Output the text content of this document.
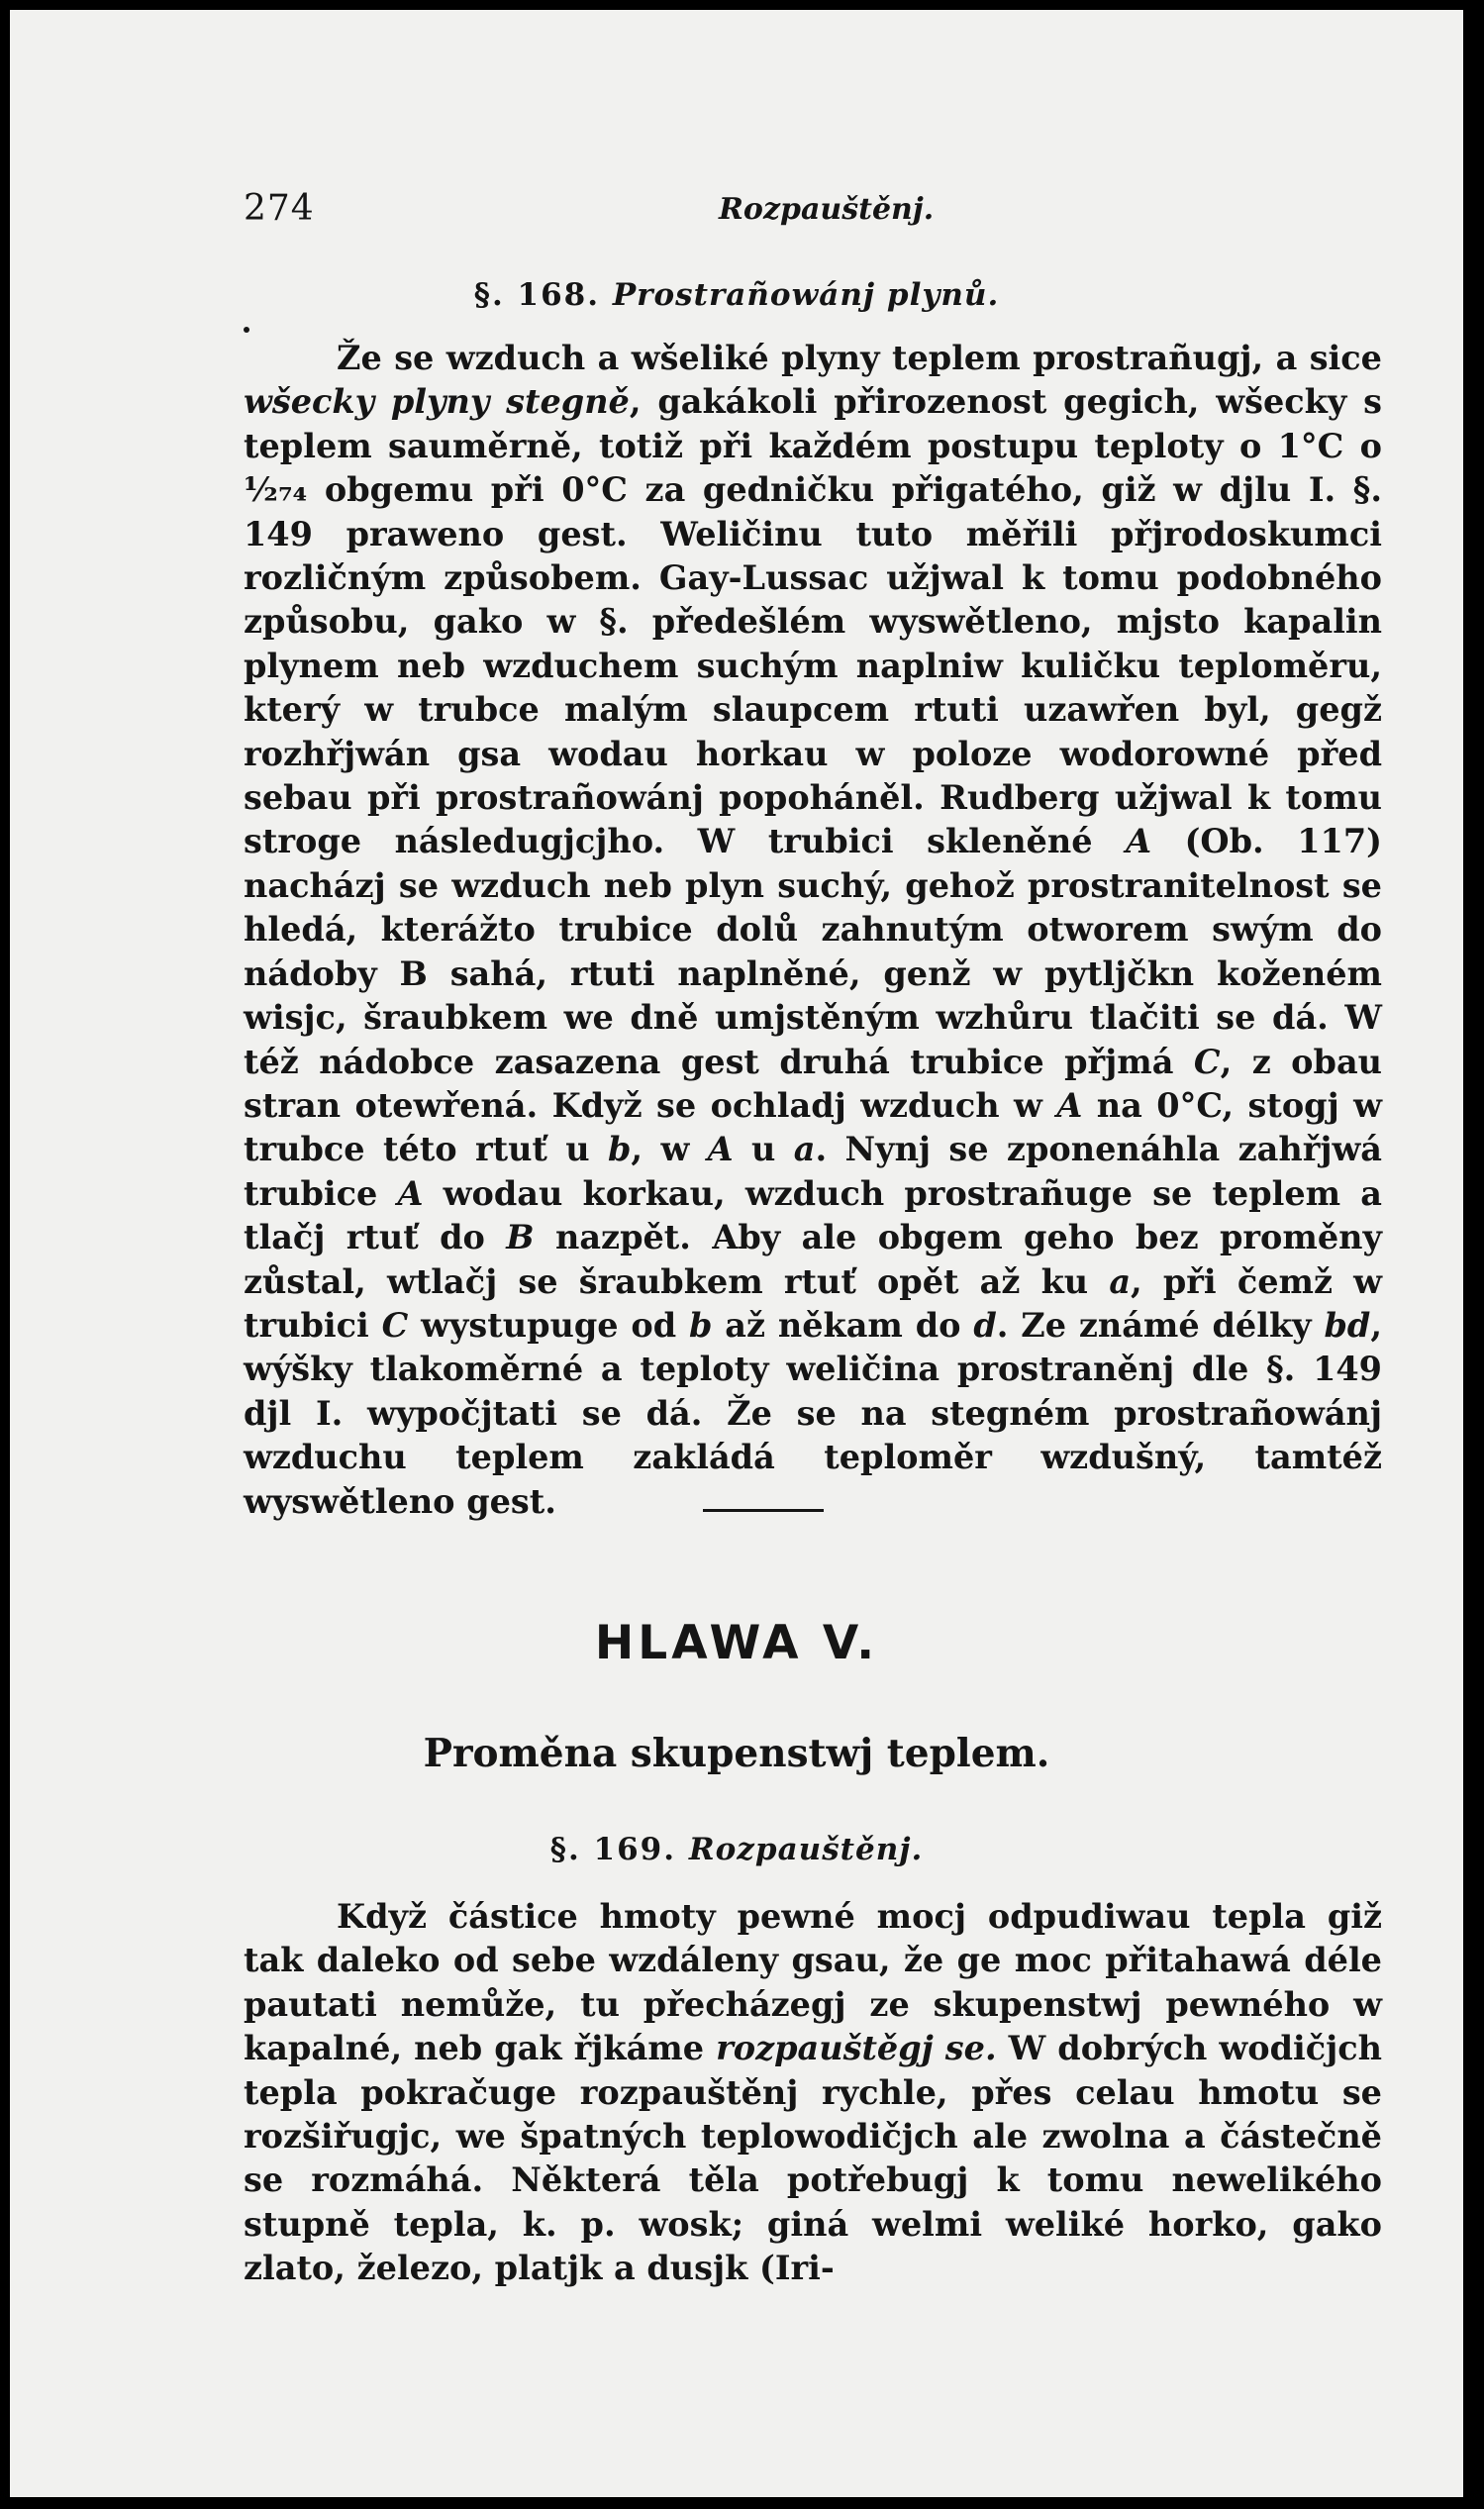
274	Rozpauštěnj.
§. 168. Prostrañowánj plynů.

Že se wzduch a wšeliké plyny teplem prostrañugj, a sice wšecky plyny stegně, gakákoli přirozenost gegich, wšecky s teplem sauměrně, totiž při každém postupu teploty o 1°C o ¹⁄₂₇₄ obgemu při 0°C za gedničku přigatého, giž w djlu I. §. 149 praweno gest. Weličinu tuto měřili přjrodoskumci rozličným způsobem. Gay-Lussac užjwal k tomu podobného způsobu, gako w §. předešlém wyswětleno, mjsto kapalin plynem neb wzduchem suchým naplniw kuličku teploměru, který w trubce malým slaupcem rtuti uzawřen byl, gegž rozhřjwán gsa wodau horkau w poloze wodorowné před sebau při prostrañowánj popoháněl. Rudberg užjwal k tomu stroge následugjcjho. W trubici skleněné A (Ob. 117) nacházj se wzduch neb plyn suchý, gehož prostranitelnost se hledá, kterážto trubice dolů zahnutým otworem swým do nádoby B sahá, rtuti naplněné, genž w pytljčkn koženém wisjc, šraubkem we dně umjstěným wzhůru tlačiti se dá. W též nádobce zasazena gest druhá trubice přjmá C, z obau stran otewřená. Když se ochladj wzduch w A na 0°C, stogj w trubce této rtuť u b, w A u a. Nynj se zponenáhla zahřjwá trubice A wodau korkau, wzduch prostrañuge se teplem a tlačj rtuť do B nazpět. Aby ale obgem geho bez proměny zůstal, wtlačj se šraubkem rtuť opět až ku a, při čemž w trubici C wystupuge od b až někam do d. Ze známé délky bd, wýšky tlakoměrné a teploty weličina prostraněnj dle §. 149 djl I. wypočjtati se dá. Že se na stegném prostrañowánj wzduchu teplem zakládá teploměr wzdušný, tamtéž wyswětleno gest.

HLAWA V.
Proměna skupenstwj teplem.
§. 169. Rozpauštěnj.

Když částice hmoty pewné mocj odpudiwau tepla giž tak daleko od sebe wzdáleny gsau, že ge moc přitahawá déle pautati nemůže, tu přecházegj ze skupenstwj pewného w kapalné, neb gak řjkáme rozpauštěgj se. W dobrých wodičjch tepla pokračuge rozpauštěnj rychle, přes celau hmotu se rozšiřugjc, we špatných teplowodičjch ale zwolna a částečně se rozmáhá. Některá těla potřebugj k tomu newelikého stupně tepla, k. p. wosk; giná welmi weliké horko, gako zlato, železo, platjk a dusjk (Iri-
